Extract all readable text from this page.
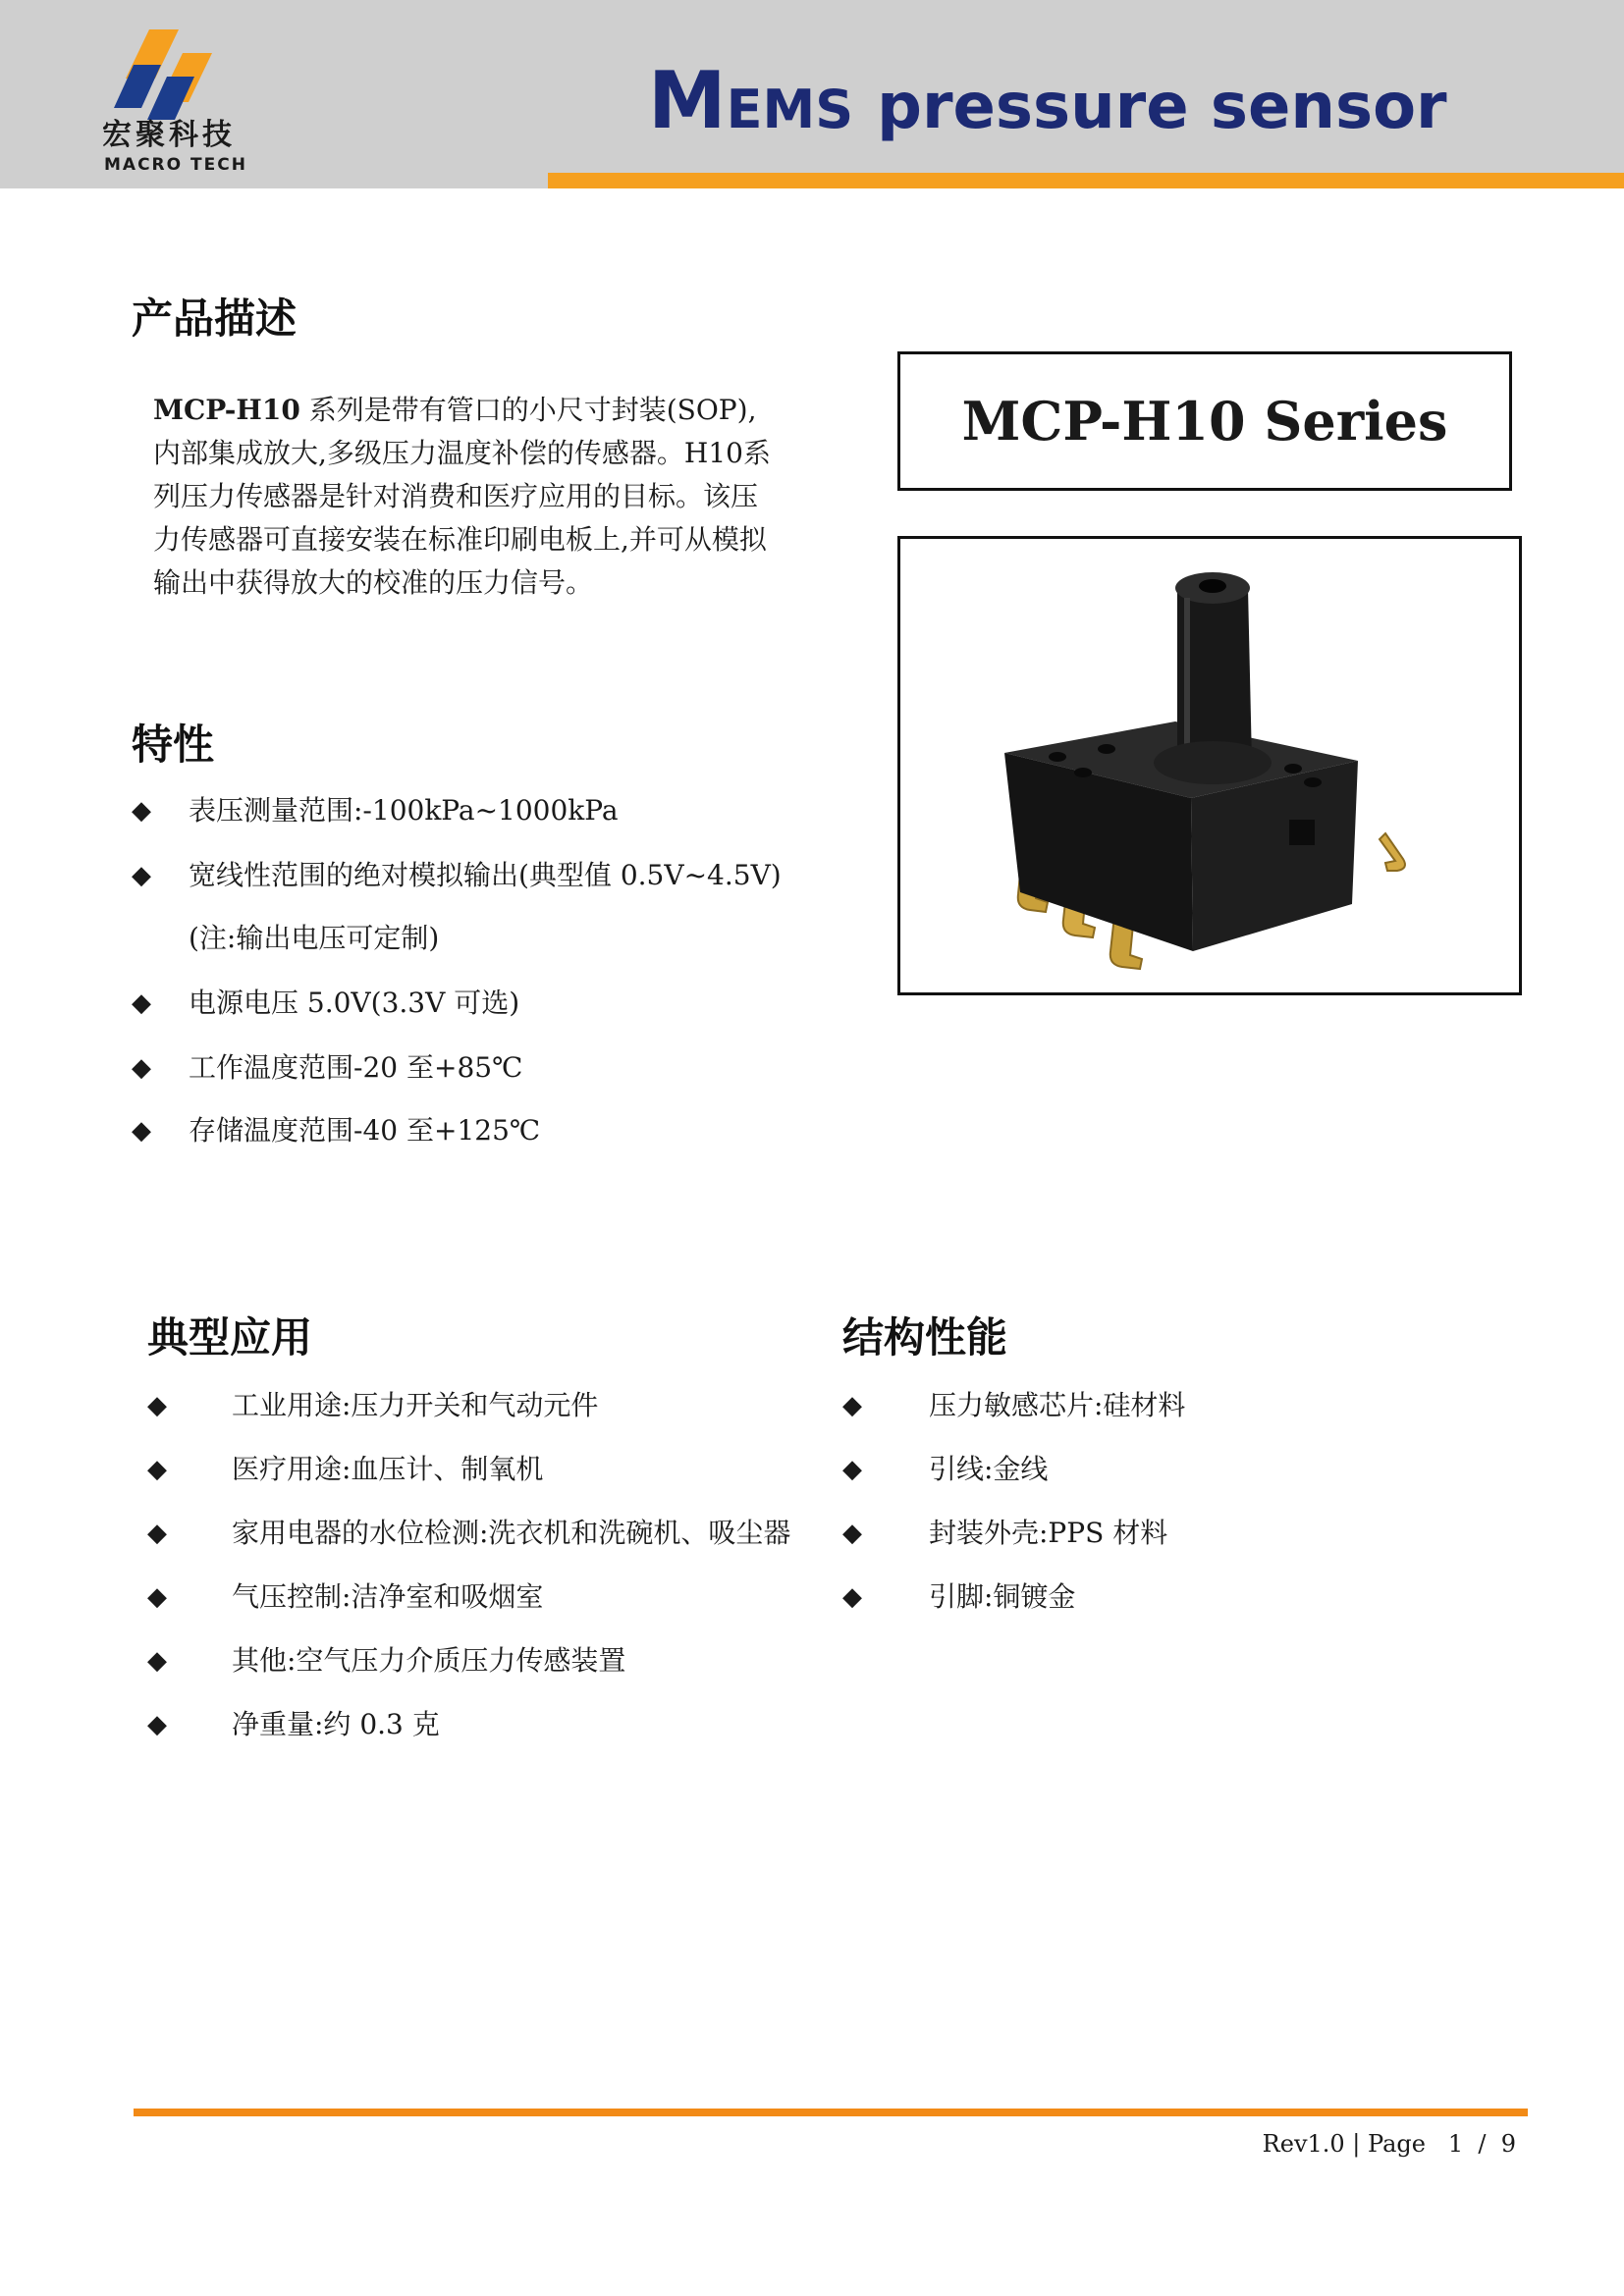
宏聚科技
MACRO TECH
MEMS pressure sensor
产品描述
MCP-H10 系列是带有管口的小尺寸封装(SOP),内部集成放大,多级压力温度补偿的传感器。H10系列压力传感器是针对消费和医疗应用的目标。该压力传感器可直接安装在标准印刷电板上,并可从模拟输出中获得放大的校准的压力信号。
特性
◆ 表压测量范围:-100kPa~1000kPa
◆ 宽线性范围的绝对模拟输出(典型值 0.5V~4.5V)
(注:输出电压可定制)
◆ 电源电压 5.0V(3.3V 可选)
◆ 工作温度范围-20 至+85℃
◆ 存储温度范围-40 至+125℃
MCP-H10 Series
典型应用
◆ 工业用途:压力开关和气动元件
◆ 医疗用途:血压计、制氧机
◆ 家用电器的水位检测:洗衣机和洗碗机、吸尘器
◆ 气压控制:洁净室和吸烟室
◆ 其他:空气压力介质压力传感装置
◆ 净重量:约 0.3 克
结构性能
◆ 压力敏感芯片:硅材料
◆ 引线:金线
◆ 封装外壳:PPS 材料
◆ 引脚:铜镀金
Rev1.0 | Page   1  /  9
